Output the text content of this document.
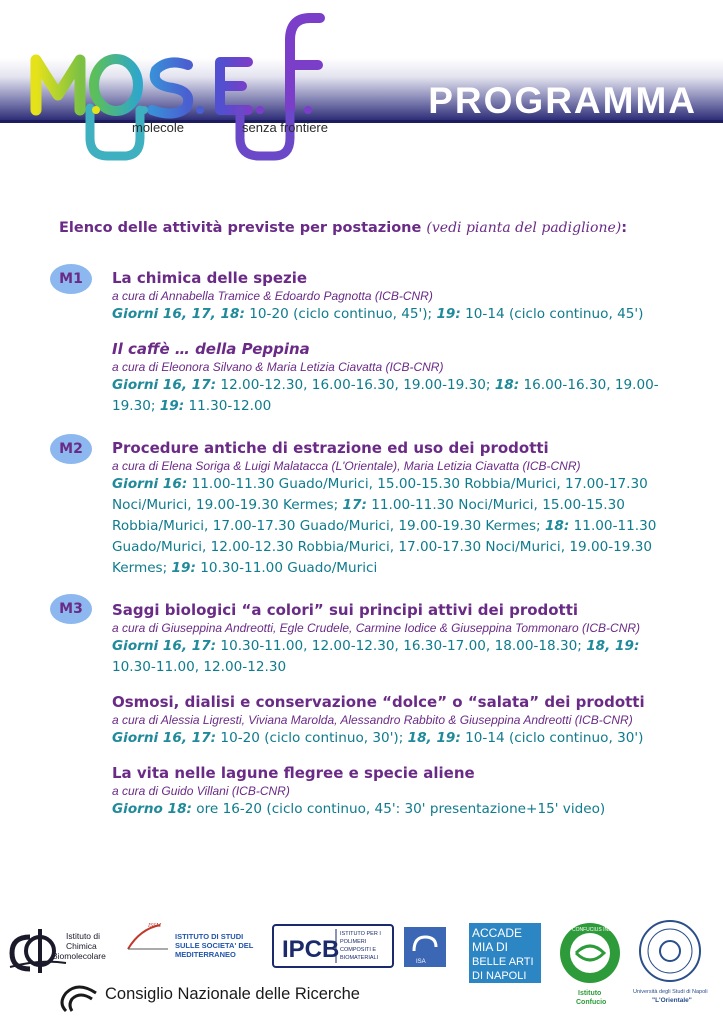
PROGRAMMA
molecole	senza frontiere
Elenco delle attività previste per postazione (vedi pianta del padiglione):
M1	La chimica delle spezie
a cura di Annabella Tramice & Edoardo Pagnotta (ICB-CNR)
Giorni 16, 17, 18: 10-20 (ciclo continuo, 45'); 19: 10-14 (ciclo continuo, 45')
Il caffè … della Peppina
a cura di Eleonora Silvano & Maria Letizia Ciavatta (ICB-CNR)
Giorni 16, 17: 12.00-12.30, 16.00-16.30, 19.00-19.30; 18: 16.00-16.30, 19.00-19.30; 19: 11.30-12.00
M2	Procedure antiche di estrazione ed uso dei prodotti
a cura di Elena Soriga & Luigi Malatacca (L'Orientale), Maria Letizia Ciavatta (ICB-CNR)
Giorni 16: 11.00-11.30 Guado/Murici, 15.00-15.30 Robbia/Murici, 17.00-17.30 Noci/Murici, 19.00-19.30 Kermes; 17: 11.00-11.30 Noci/Murici, 15.00-15.30 Robbia/Murici, 17.00-17.30 Guado/Murici, 19.00-19.30 Kermes; 18: 11.00-11.30 Guado/Murici, 12.00-12.30 Robbia/Murici, 17.00-17.30 Noci/Murici, 19.00-19.30 Kermes; 19: 10.30-11.00 Guado/Murici
M3	Saggi biologici “a colori” sui principi attivi dei prodotti
a cura di Giuseppina Andreotti, Egle Crudele, Carmine Iodice & Giuseppina Tommonaro (ICB-CNR)
Giorni 16, 17: 10.30-11.00, 12.00-12.30, 16.30-17.00, 18.00-18.30; 18, 19: 10.30-11.00, 12.00-12.30
Osmosi, dialisi e conservazione “dolce” o “salata” dei prodotti
a cura di Alessia Ligresti, Viviana Marolda, Alessandro Rabbito & Giuseppina Andreotti (ICB-CNR)
Giorni 16, 17: 10-20 (ciclo continuo, 30'); 18, 19: 10-14 (ciclo continuo, 30')
La vita nelle lagune flegree e specie aliene
a cura di Guido Villani (ICB-CNR)
Giorno 18: ore 16-20 (ciclo continuo, 45': 30' presentazione+15' video)
Istituto di
Chimica
Biomolecolare
ISSM
ISTITUTO DI STUDI
SULLE SOCIETA' DEL
MEDITERRANEO IPCB
ISTITUTO PER I
POLIMERI
COMPOSITI E
BIOMATERIALI
ISA
ACCADE
MIA DI
BELLE ARTI
DI NAPOLI
CONFUCIUS INSTITUTE
Istituto
Confucio
Università degli Studi di Napoli
"L'Orientale"
Consiglio Nazionale delle Ricerche
